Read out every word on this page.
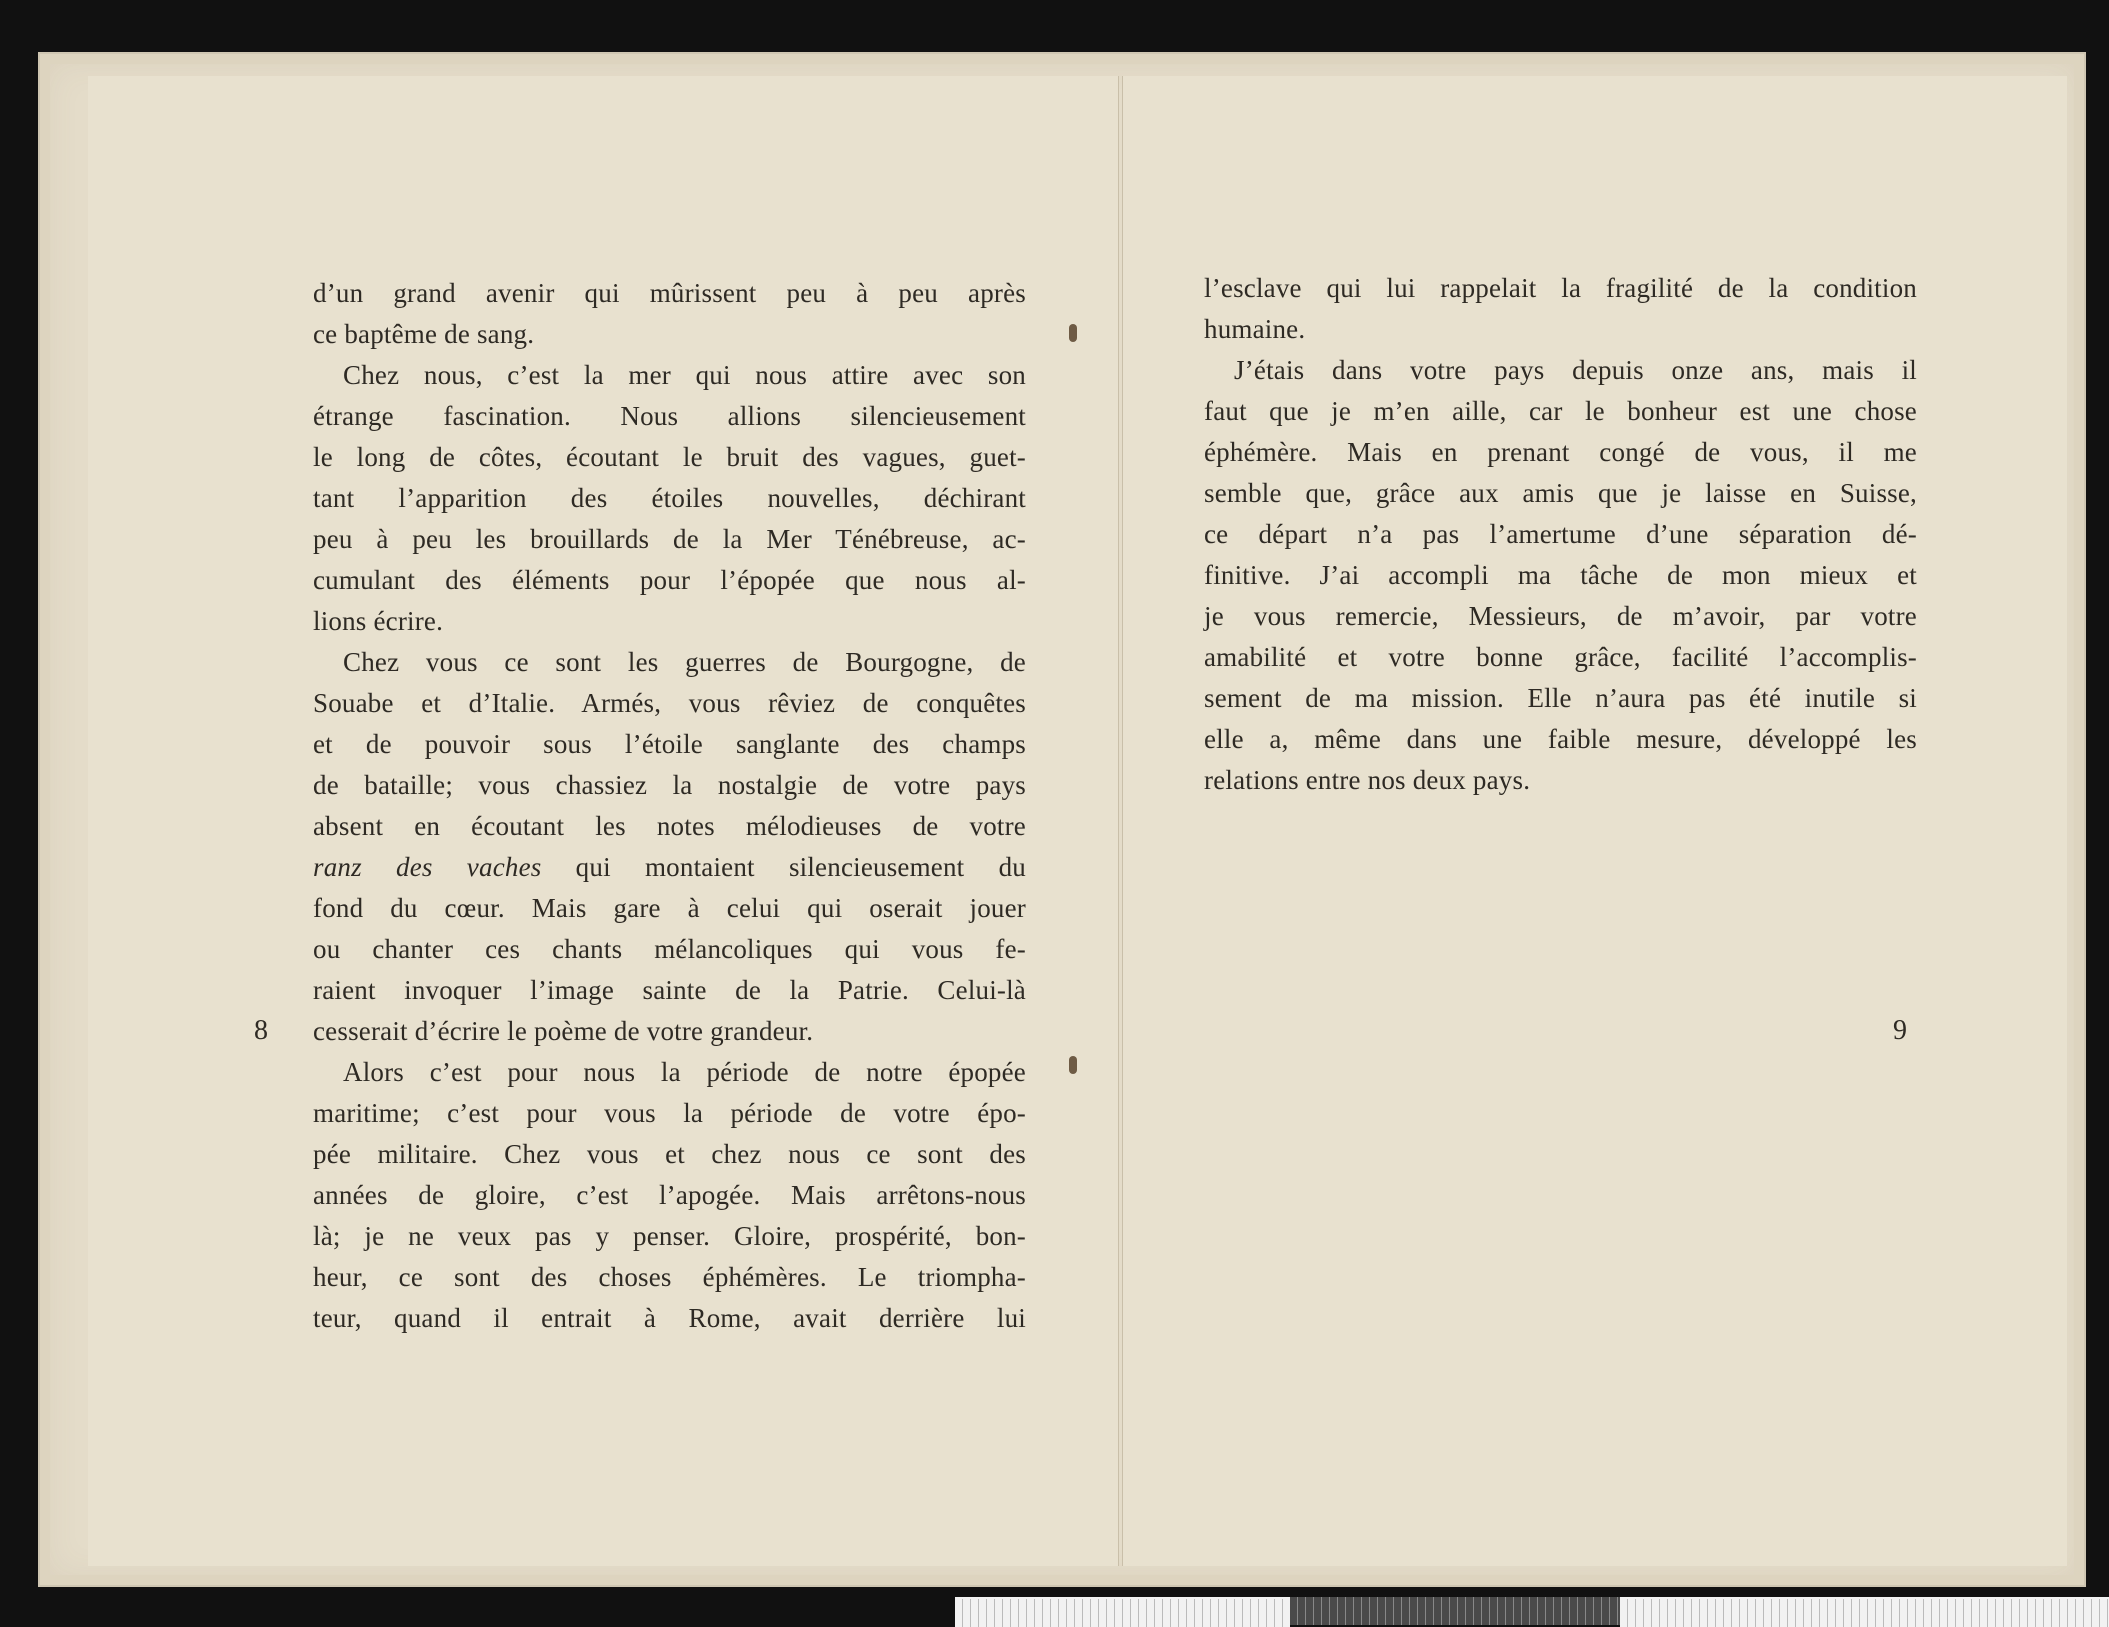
d’un grand avenir qui mûrissent peu à peu après
ce baptême de sang.
Chez nous, c’est la mer qui nous attire avec son
étrange fascination. Nous allions silencieusement
le long de côtes, écoutant le bruit des vagues, guet-
tant l’apparition des étoiles nouvelles, déchirant
peu à peu les brouillards de la Mer Ténébreuse, ac-
cumulant des éléments pour l’épopée que nous al-
lions écrire.
Chez vous ce sont les guerres de Bourgogne, de
Souabe et d’Italie. Armés, vous rêviez de conquêtes
et de pouvoir sous l’étoile sanglante des champs
de bataille; vous chassiez la nostalgie de votre pays
absent en écoutant les notes mélodieuses de votre
ranz des vaches qui montaient silencieusement du
fond du cœur. Mais gare à celui qui oserait jouer
ou chanter ces chants mélancoliques qui vous fe-
raient invoquer l’image sainte de la Patrie. Celui-là
cesserait d’écrire le poème de votre grandeur.
Alors c’est pour nous la période de notre épopée
maritime; c’est pour vous la période de votre épo-
pée militaire. Chez vous et chez nous ce sont des
années de gloire, c’est l’apogée. Mais arrêtons-nous
là; je ne veux pas y penser. Gloire, prospérité, bon-
heur, ce sont des choses éphémères. Le triompha-
teur, quand il entrait à Rome, avait derrière lui
8
l’esclave qui lui rappelait la fragilité de la condition
humaine.
J’étais dans votre pays depuis onze ans, mais il
faut que je m’en aille, car le bonheur est une chose
éphémère. Mais en prenant congé de vous, il me
semble que, grâce aux amis que je laisse en Suisse,
ce départ n’a pas l’amertume d’une séparation dé-
finitive. J’ai accompli ma tâche de mon mieux et
je vous remercie, Messieurs, de m’avoir, par votre
amabilité et votre bonne grâce, facilité l’accomplis-
sement de ma mission. Elle n’aura pas été inutile si
elle a, même dans une faible mesure, développé les
relations entre nos deux pays.
9
